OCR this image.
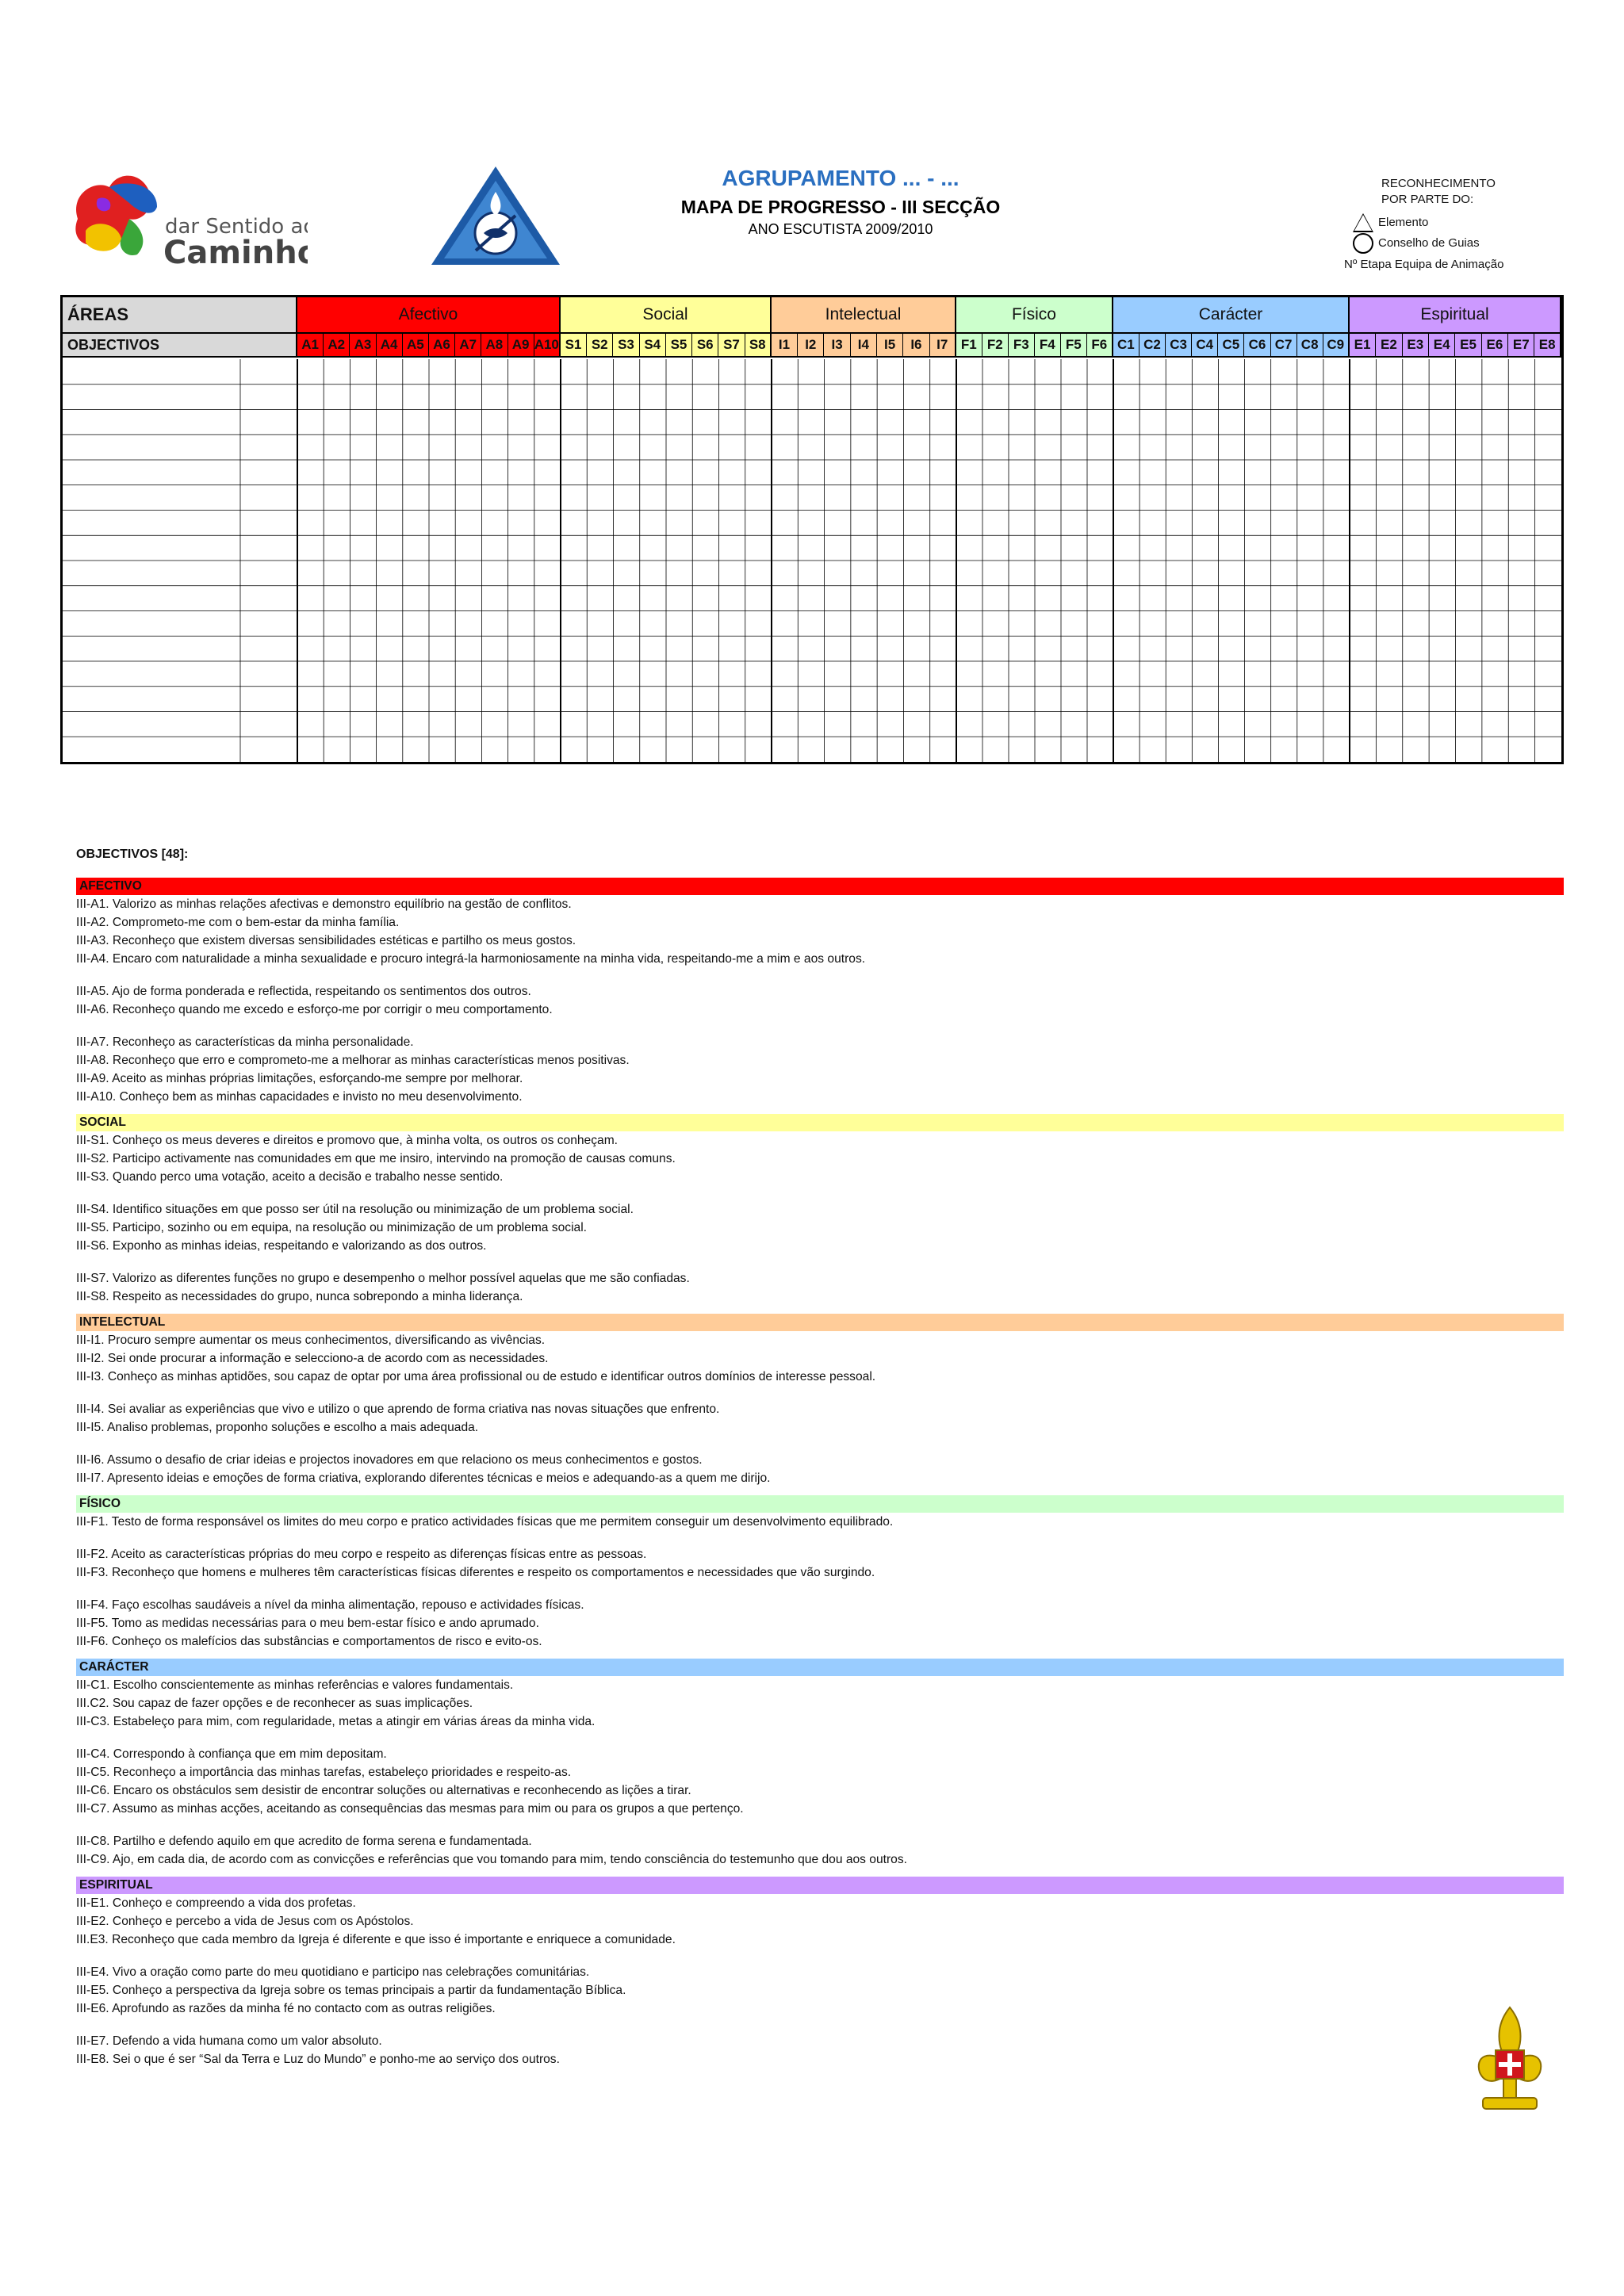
dar Sentido ao
Caminho
AGRUPAMENTO ... - ...
MAPA DE PROGRESSO - III SECÇÃO
ANO ESCUTISTA 2009/2010
RECONHECIMENTO
POR PARTE DO:
Elemento
Conselho de Guias
Nº Etapa Equipa de Animação
ÁREAS	Afectivo	Social	Intelectual	Físico	Carácter	Espiritual
OBJECTIVOS	A1 A2 A3 A4 A5 A6 A7 A8 A9 A10 S1 S2 S3 S4 S5 S6 S7 S8 I1	I2	I3	I4	I5	I6	I7 F1 F2 F3 F4 F5 F6 C1 C2 C3 C4 C5 C6 C7 C8 C9 E1 E2 E3 E4 E5 E6 E7 E8
OBJECTIVOS [48]:
AFECTIVO
III-A1. Valorizo as minhas relações afectivas e demonstro equilíbrio na gestão de conflitos.
III-A2. Comprometo-me com o bem-estar da minha família.
III-A3. Reconheço que existem diversas sensibilidades estéticas e partilho os meus gostos.
III-A4. Encaro com naturalidade a minha sexualidade e procuro integrá-la harmoniosamente na minha vida, respeitando-me a mim e aos outros.
III-A5. Ajo de forma ponderada e reflectida, respeitando os sentimentos dos outros.
III-A6. Reconheço quando me excedo e esforço-me por corrigir o meu comportamento.
III-A7. Reconheço as características da minha personalidade.
III-A8. Reconheço que erro e comprometo-me a melhorar as minhas características menos positivas.
III-A9. Aceito as minhas próprias limitações, esforçando-me sempre por melhorar.
III-A10. Conheço bem as minhas capacidades e invisto no meu desenvolvimento.
SOCIAL
III-S1. Conheço os meus deveres e direitos e promovo que, à minha volta, os outros os conheçam.
III-S2. Participo activamente nas comunidades em que me insiro, intervindo na promoção de causas comuns.
III-S3. Quando perco uma votação, aceito a decisão e trabalho nesse sentido.
III-S4. Identifico situações em que posso ser útil na resolução ou minimização de um problema social.
III-S5. Participo, sozinho ou em equipa, na resolução ou minimização de um problema social.
III-S6. Exponho as minhas ideias, respeitando e valorizando as dos outros.
III-S7. Valorizo as diferentes funções no grupo e desempenho o melhor possível aquelas que me são confiadas.
III-S8. Respeito as necessidades do grupo, nunca sobrepondo a minha liderança.
INTELECTUAL
III-I1. Procuro sempre aumentar os meus conhecimentos, diversificando as vivências.
III-I2. Sei onde procurar a informação e selecciono-a de acordo com as necessidades.
III-I3. Conheço as minhas aptidões, sou capaz de optar por uma área profissional ou de estudo e identificar outros domínios de interesse pessoal.
III-I4. Sei avaliar as experiências que vivo e utilizo o que aprendo de forma criativa nas novas situações que enfrento.
III-I5. Analiso problemas, proponho soluções e escolho a mais adequada.
III-I6. Assumo o desafio de criar ideias e projectos inovadores em que relaciono os meus conhecimentos e gostos.
III-I7. Apresento ideias e emoções de forma criativa, explorando diferentes técnicas e meios e adequando-as a quem me dirijo.
FÍSICO
III-F1. Testo de forma responsável os limites do meu corpo e pratico actividades físicas que me permitem conseguir um desenvolvimento equilibrado.
III-F2. Aceito as características próprias do meu corpo e respeito as diferenças físicas entre as pessoas.
III-F3. Reconheço que homens e mulheres têm características físicas diferentes e respeito os comportamentos e necessidades que vão surgindo.
III-F4. Faço escolhas saudáveis a nível da minha alimentação, repouso e actividades físicas.
III-F5. Tomo as medidas necessárias para o meu bem-estar físico e ando aprumado.
III-F6. Conheço os malefícios das substâncias e comportamentos de risco e evito-os.
CARÁCTER
III-C1. Escolho conscientemente as minhas referências e valores fundamentais.
III.C2. Sou capaz de fazer opções e de reconhecer as suas implicações.
III-C3. Estabeleço para mim, com regularidade, metas a atingir em várias áreas da minha vida.
III-C4. Correspondo à confiança que em mim depositam.
III-C5. Reconheço a importância das minhas tarefas, estabeleço prioridades e respeito-as.
III-C6. Encaro os obstáculos sem desistir de encontrar soluções ou alternativas e reconhecendo as lições a tirar.
III-C7. Assumo as minhas acções, aceitando as consequências das mesmas para mim ou para os grupos a que pertenço.
III-C8. Partilho e defendo aquilo em que acredito de forma serena e fundamentada.
III-C9. Ajo, em cada dia, de acordo com as convicções e referências que vou tomando para mim, tendo consciência do testemunho que dou aos outros.
ESPIRITUAL
III-E1. Conheço e compreendo a vida dos profetas.
III-E2. Conheço e percebo a vida de Jesus com os Apóstolos.
III.E3. Reconheço que cada membro da Igreja é diferente e que isso é importante e enriquece a comunidade.
III-E4. Vivo a oração como parte do meu quotidiano e participo nas celebrações comunitárias.
III-E5. Conheço a perspectiva da Igreja sobre os temas principais a partir da fundamentação Bíblica.
III-E6. Aprofundo as razões da minha fé no contacto com as outras religiões.
III-E7. Defendo a vida humana como um valor absoluto.
III-E8. Sei o que é ser “Sal da Terra e Luz do Mundo” e ponho-me ao serviço dos outros.
